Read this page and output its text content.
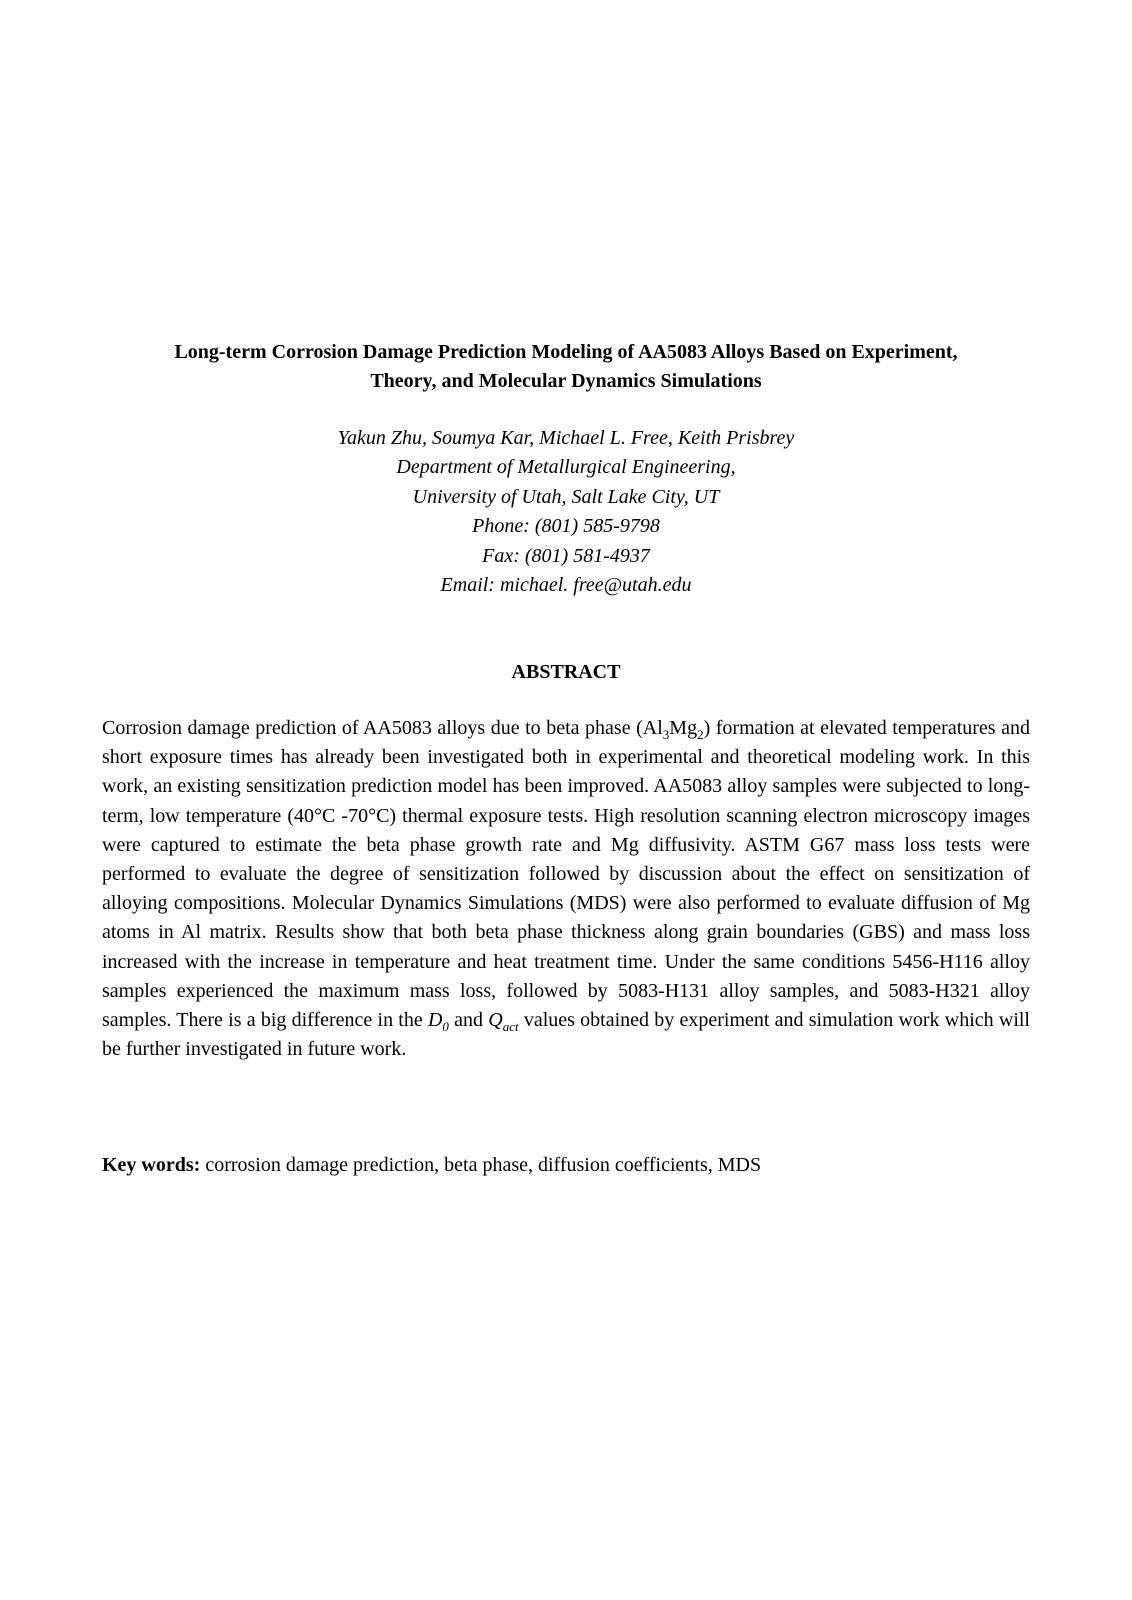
Long-term Corrosion Damage Prediction Modeling of AA5083 Alloys Based on Experiment,
Theory, and Molecular Dynamics Simulations
Yakun Zhu, Soumya Kar, Michael L. Free, Keith Prisbrey
Department of Metallurgical Engineering,
University of Utah, Salt Lake City, UT
Phone: (801) 585-9798
Fax: (801) 581-4937
Email: michael. free@utah.edu
ABSTRACT

Corrosion damage prediction of AA5083 alloys due to beta phase $(Al_3Mg_2)$ formation at elevated temperatures and short exposure times has already been investigated both in experimental and theoretical modeling work. In this work, an existing sensitization prediction model has been improved. AA5083 alloy samples were subjected to long-term, low temperature (40°C -70°C) thermal exposure tests. High resolution scanning electron microscopy images were captured to estimate the beta phase growth rate and Mg diffusivity. ASTM G67 mass loss tests were performed to evaluate the degree of sensitization followed by discussion about the effect on sensitization of alloying compositions. Molecular Dynamics Simulations (MDS) were also performed to evaluate diffusion of Mg atoms in Al matrix. Results show that both beta phase thickness along grain boundaries (GBS) and mass loss increased with the increase in temperature and heat treatment time. Under the same conditions 5456-H116 alloy samples experienced the maximum mass loss, followed by 5083-H131 alloy samples, and 5083-H321 alloy samples. There is a big difference in the $D_0$ and $Q_{act}$ values obtained by experiment and simulation work which will be further investigated in future work.

Key words: corrosion damage prediction, beta phase, diffusion coefficients, MDS
